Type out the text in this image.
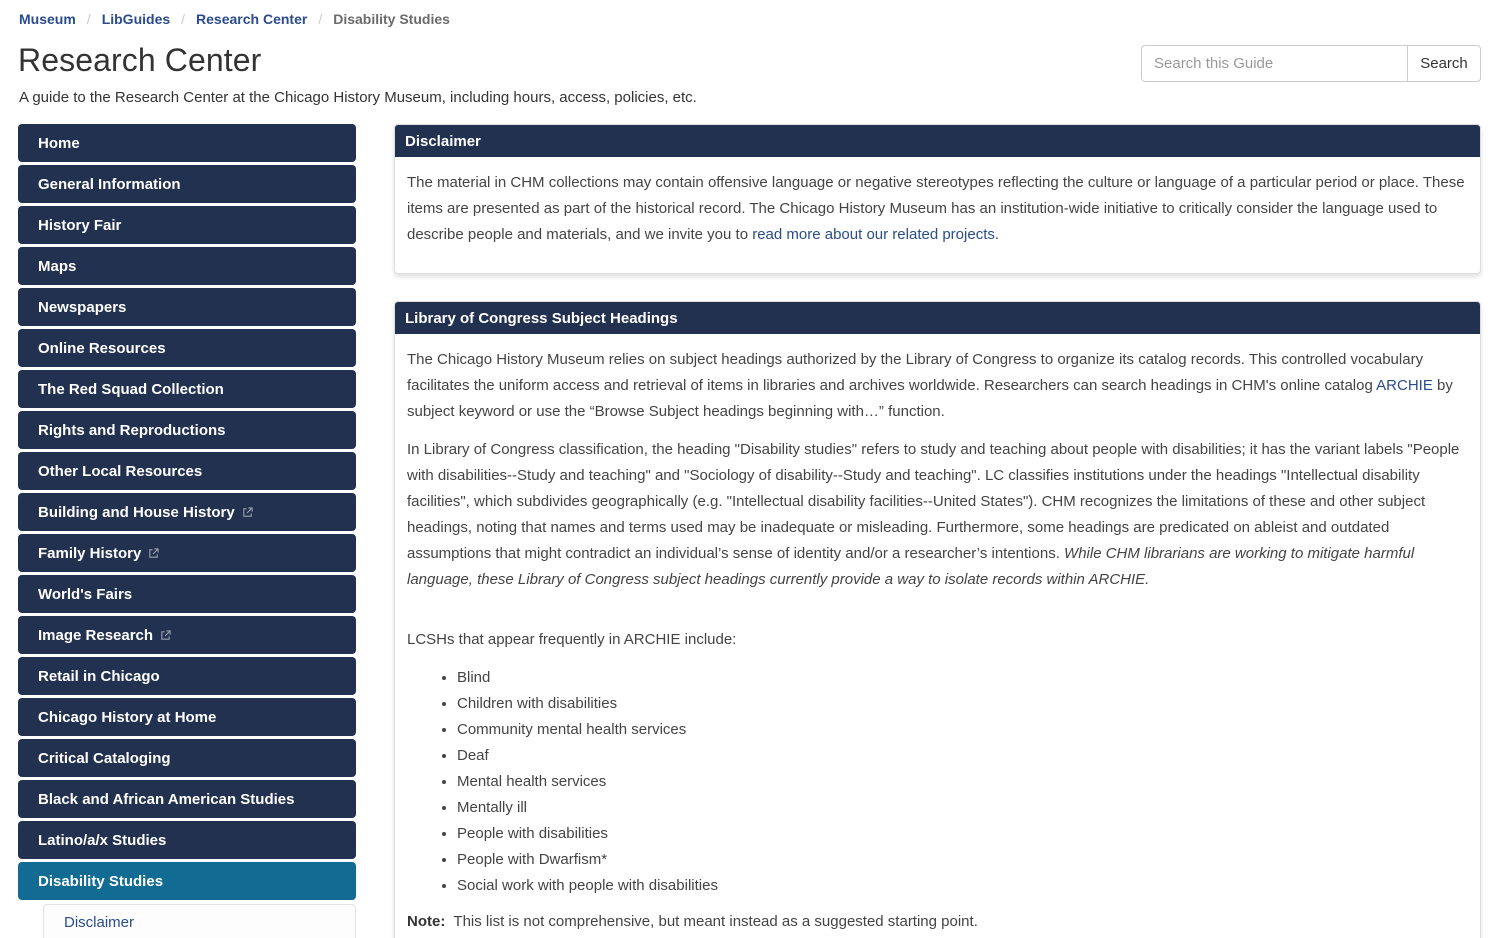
Museum / LibGuides / Research Center / Disability Studies
Research Center

A guide to the Research Center at the Chicago History Museum, including hours, access, policies, etc.

Search this Guide
Search
Home
General Information
History Fair
Maps
Newspapers
Online Resources
The Red Squad Collection
Rights and Reproductions
Other Local Resources
Building and House History
Family History
World's Fairs
Image Research
Retail in Chicago
Chicago History at Home
Critical Cataloging
Black and African American Studies
Latino/a/x Studies
Disability Studies
Disclaimer
Disclaimer

The material in CHM collections may contain offensive language or negative stereotypes reflecting the culture or language of a particular period or place. These items are presented as part of the historical record. The Chicago History Museum has an institution-wide initiative to critically consider the language used to describe people and materials, and we invite you to read more about our related projects.

Library of Congress Subject Headings

The Chicago History Museum relies on subject headings authorized by the Library of Congress to organize its catalog records. This controlled vocabulary facilitates the uniform access and retrieval of items in libraries and archives worldwide. Researchers can search headings in CHM's online catalog ARCHIE by subject keyword or use the “Browse Subject headings beginning with…” function.

In Library of Congress classification, the heading "Disability studies" refers to study and teaching about people with disabilities; it has the variant labels "People with disabilities--Study and teaching" and "Sociology of disability--Study and teaching". LC classifies institutions under the headings "Intellectual disability facilities", which subdivides geographically (e.g. "Intellectual disability facilities--United States"). CHM recognizes the limitations of these and other subject headings, noting that names and terms used may be inadequate or misleading. Furthermore, some headings are predicated on ableist and outdated assumptions that might contradict an individual’s sense of identity and/or a researcher’s intentions. While CHM librarians are working to mitigate harmful language, these Library of Congress subject headings currently provide a way to isolate records within ARCHIE.

LCSHs that appear frequently in ARCHIE include:

• Blind
• Children with disabilities
• Community mental health services
• Deaf
• Mental health services
• Mentally ill
• People with disabilities
• People with Dwarfism*
• Social work with people with disabilities

Note: This list is not comprehensive, but meant instead as a suggested starting point.
